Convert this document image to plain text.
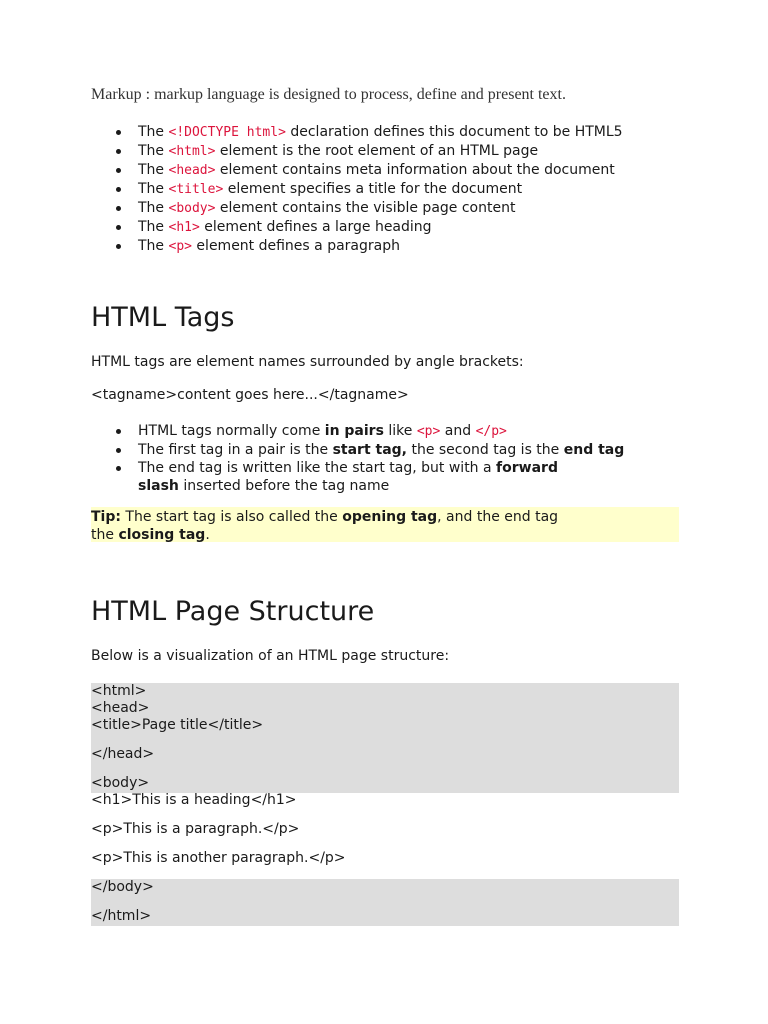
Markup : markup language is designed to process, define and present text.
The <!DOCTYPE html> declaration defines this document to be HTML5
The <html> element is the root element of an HTML page
The <head> element contains meta information about the document
The <title> element specifies a title for the document
The <body> element contains the visible page content
The <h1> element defines a large heading
The <p> element defines a paragraph
HTML Tags
HTML tags are element names surrounded by angle brackets:
<tagname>content goes here...</tagname>
HTML tags normally come in pairs like <p> and </p>
The first tag in a pair is the start tag, the second tag is the end tag
The end tag is written like the start tag, but with a forward
slash inserted before the tag name
Tip: The start tag is also called the opening tag, and the end tag
the closing tag.
HTML Page Structure
Below is a visualization of an HTML page structure:
<html>
<head>
<title>Page title</title>
</head>
<body>
<h1>This is a heading</h1>
<p>This is a paragraph.</p>
<p>This is another paragraph.</p>
</body>
</html>
